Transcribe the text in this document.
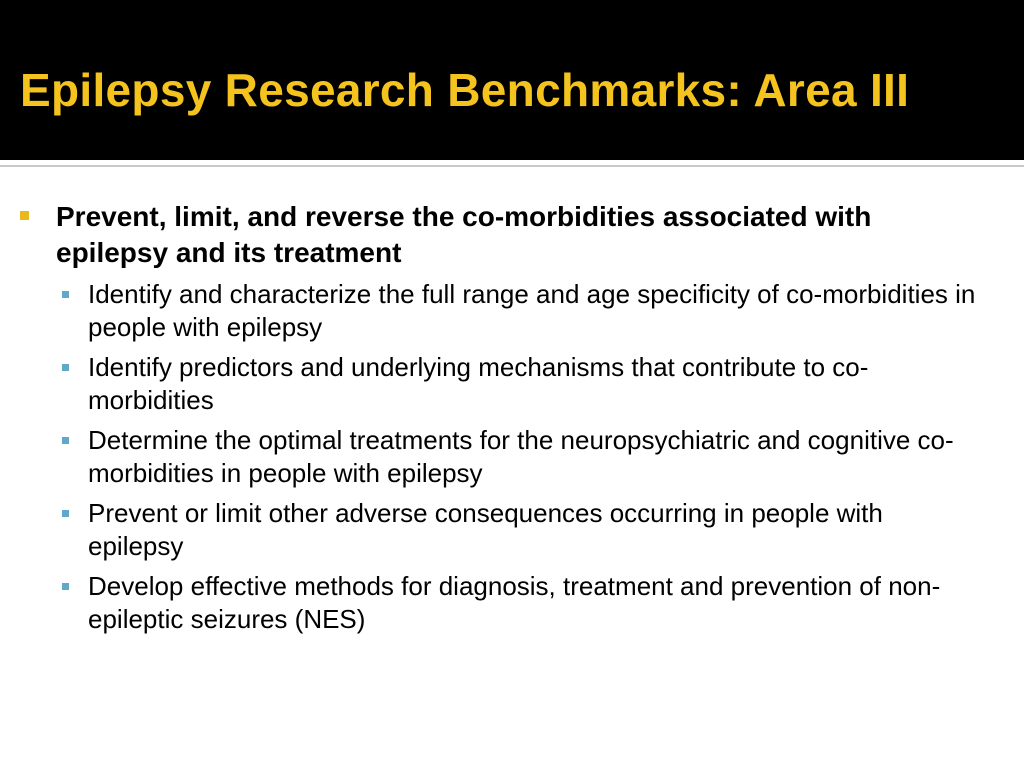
Epilepsy Research Benchmarks: Area III
Prevent, limit, and reverse the co-morbidities associated with epilepsy and its treatment
Identify and characterize the full range and age specificity of co-morbidities in people with epilepsy
Identify predictors and underlying mechanisms that contribute to co-morbidities
Determine the optimal treatments for the neuropsychiatric and cognitive co-morbidities in people with epilepsy
Prevent or limit other adverse consequences occurring in people with epilepsy
Develop effective methods for diagnosis, treatment and prevention of non-epileptic seizures (NES)
